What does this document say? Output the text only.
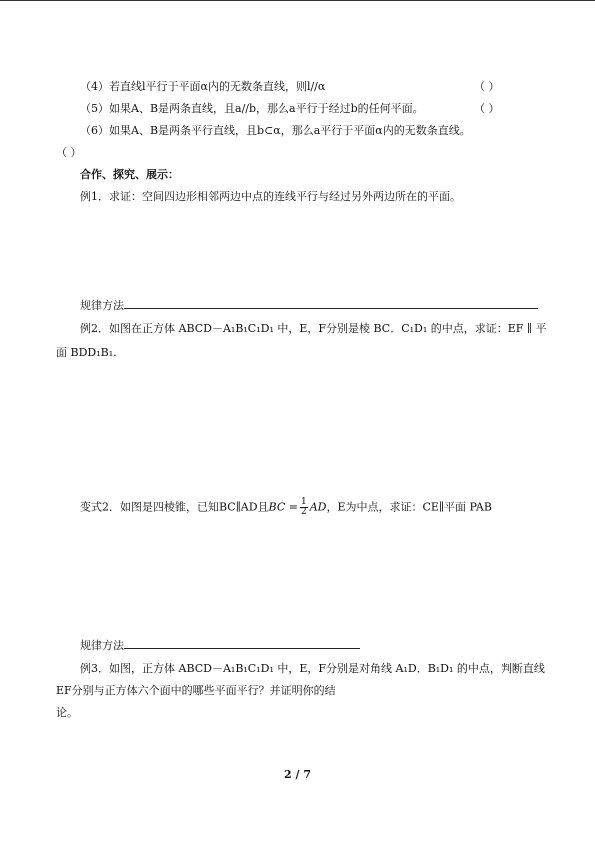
（4）若直线l平行于平面α内的无数条直线，则l//α	（ ）
（5）如果A、B是两条直线，且a//b，那么a平行于经过b的任何平面。	（ ）
（6）如果A、B是两条平行直线，且b⊂α，那么a平行于平面α内的无数条直线。
（ ）
合作、探究、展示：
例1．求证：空间四边形相邻两边中点的连线平行与经过另外两边所在的平面。
规律方法
例2．如图在正方体 ABCD－A₁B₁C₁D₁ 中，E，F分别是棱 BC．C₁D₁ 的中点，求证：EF ∥ 平
面 BDD₁B₁.	D₁	F
A₁	B₁
C
E
A	B
变式2．如图是四棱锥，已知BC∥AD且BC = $\frac{1}{2}$ AD，E为中点，求证：CE∥平面 PAB
P
E
A	D
B	C
规律方法
例3．如图，正方体 ABCD－A₁B₁C₁D₁ 中，E，F分别是对角线 A₁D．B₁D₁ 的中点，判断直线
EF分别与正方体六个面中的哪些平面平行？并证明你的结
论。
B₁
C₁
A₁
F
D₁
E
C
A
D
2 / 7
